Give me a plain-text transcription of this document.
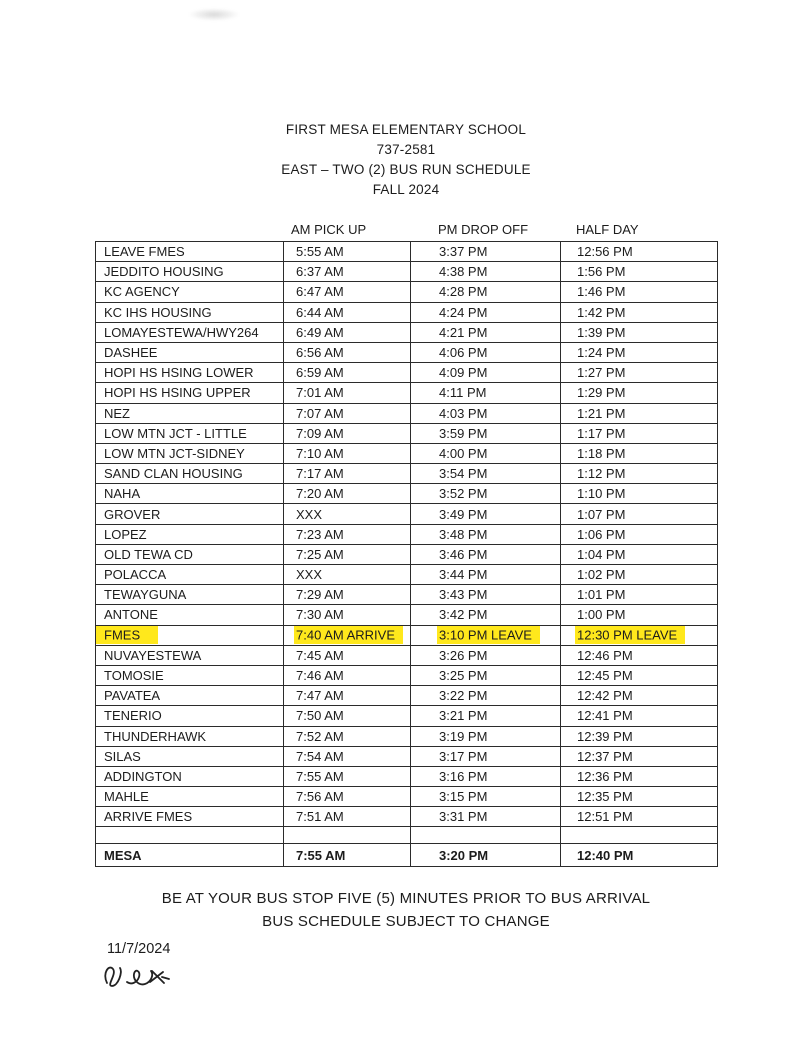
FIRST MESA ELEMENTARY SCHOOL
737-2581
EAST – TWO (2) BUS RUN SCHEDULE
FALL 2024
AM PICK UP	PM DROP OFF	HALF DAY
LEAVE FMES	5:55 AM	3:37 PM	12:56 PM
JEDDITO HOUSING	6:37 AM	4:38 PM	1:56 PM
KC AGENCY	6:47 AM	4:28 PM	1:46 PM
KC IHS HOUSING	6:44 AM	4:24 PM	1:42 PM
LOMAYESTEWA/HWY264	6:49 AM	4:21 PM	1:39 PM
DASHEE	6:56 AM	4:06 PM	1:24 PM
HOPI HS HSING LOWER	6:59 AM	4:09 PM	1:27 PM
HOPI HS HSING UPPER	7:01 AM	4:11 PM	1:29 PM
NEZ	7:07 AM	4:03 PM	1:21 PM
LOW MTN JCT - LITTLE	7:09 AM	3:59 PM	1:17 PM
LOW MTN JCT-SIDNEY	7:10 AM	4:00 PM	1:18 PM
SAND CLAN HOUSING	7:17 AM	3:54 PM	1:12 PM
NAHA	7:20 AM	3:52 PM	1:10 PM
GROVER	XXX	3:49 PM	1:07 PM
LOPEZ	7:23 AM	3:48 PM	1:06 PM
OLD TEWA CD	7:25 AM	3:46 PM	1:04 PM
POLACCA	XXX	3:44 PM	1:02 PM
TEWAYGUNA	7:29 AM	3:43 PM	1:01 PM
ANTONE	7:30 AM	3:42 PM	1:00 PM
FMES	7:40 AM ARRIVE	3:10 PM LEAVE	12:30 PM LEAVE
NUVAYESTEWA	7:45 AM	3:26 PM	12:46 PM
TOMOSIE	7:46 AM	3:25 PM	12:45 PM
PAVATEA	7:47 AM	3:22 PM	12:42 PM
TENERIO	7:50 AM	3:21 PM	12:41 PM
THUNDERHAWK	7:52 AM	3:19 PM	12:39 PM
SILAS	7:54 AM	3:17 PM	12:37 PM
ADDINGTON	7:55 AM	3:16 PM	12:36 PM
MAHLE	7:56 AM	3:15 PM	12:35 PM
ARRIVE FMES	7:51 AM	3:31 PM	12:51 PM

MESA	7:55 AM	3:20 PM	12:40 PM
BE AT YOUR BUS STOP FIVE (5) MINUTES PRIOR TO BUS ARRIVAL
BUS SCHEDULE SUBJECT TO CHANGE
11/7/2024
